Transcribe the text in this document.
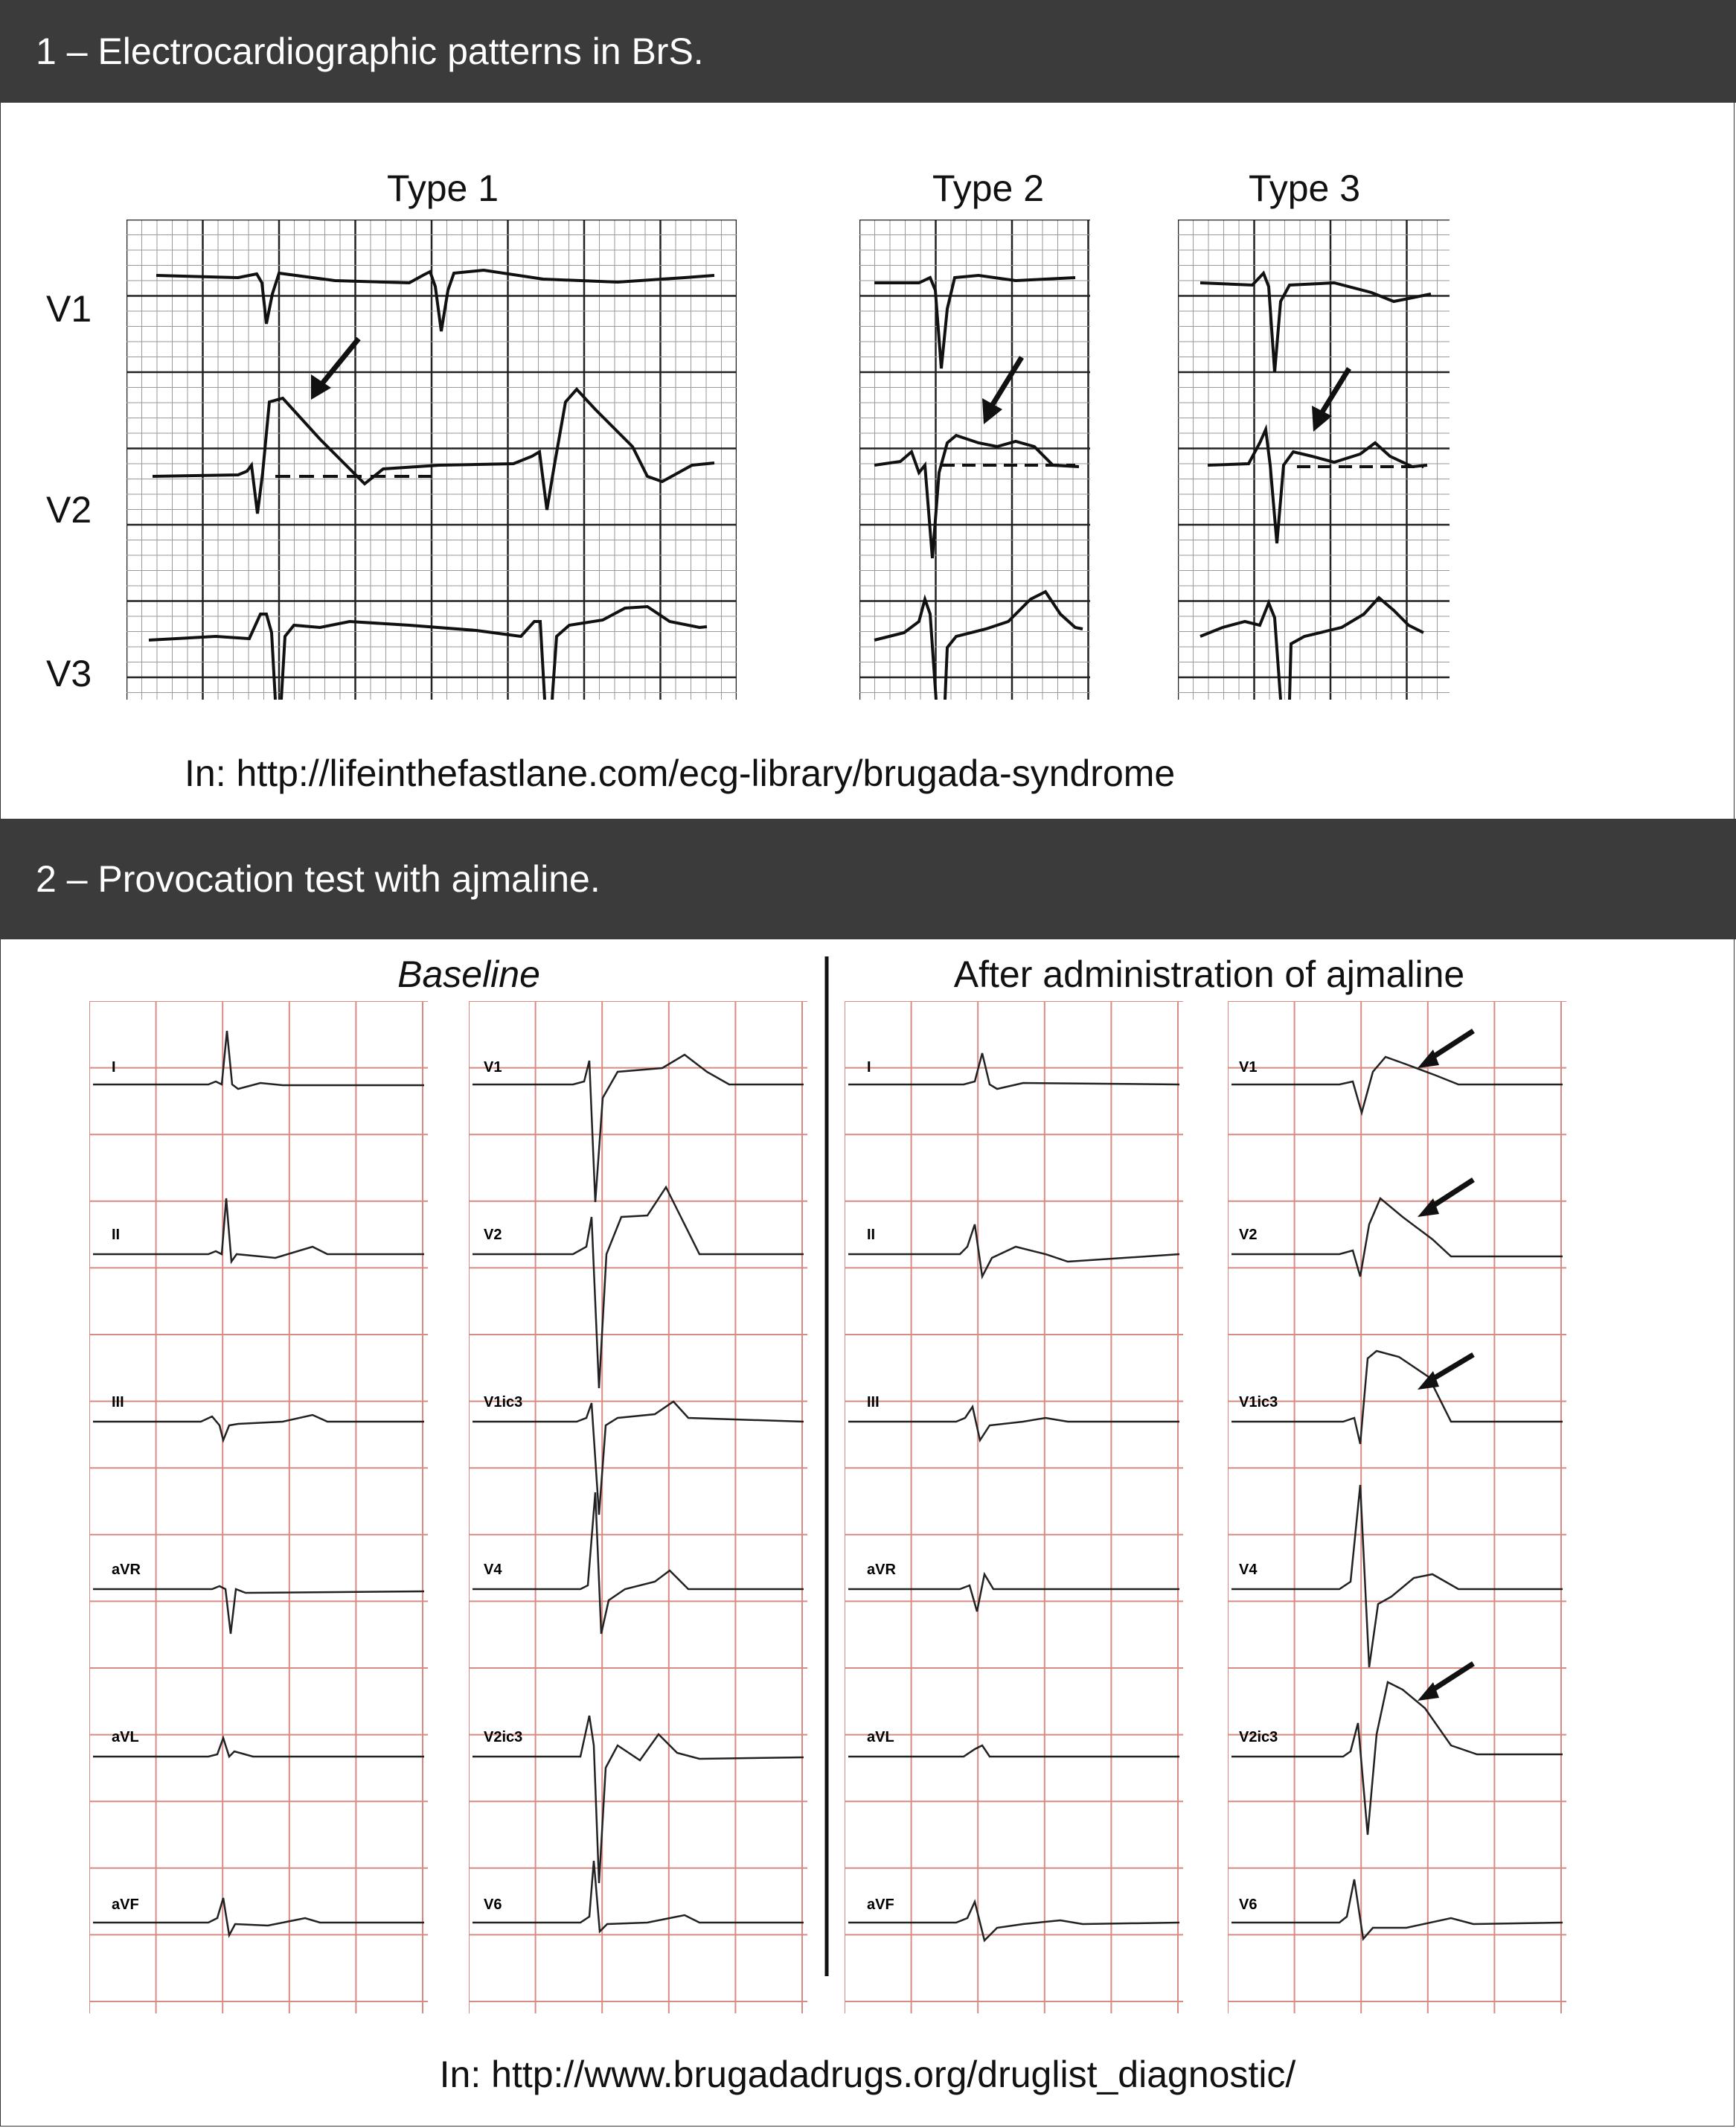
1 – Electrocardiographic patterns in BrS.
Type 1	Type 2	Type 3
V1
V2
V3
In: http://lifeinthefastlane.com/ecg-library/brugada-syndrome
2 – Provocation test with ajmaline.
Baseline	After administration of ajmaline
I
II
III
aVR
aVL
aVF
V1
V2
V1ic3
V4
V2ic3
V6
I
II
III
aVR
aVL
aVF
V1
V2
V1ic3
V4
V2ic3
V6
In: http://www.brugadadrugs.org/druglist_diagnostic/
